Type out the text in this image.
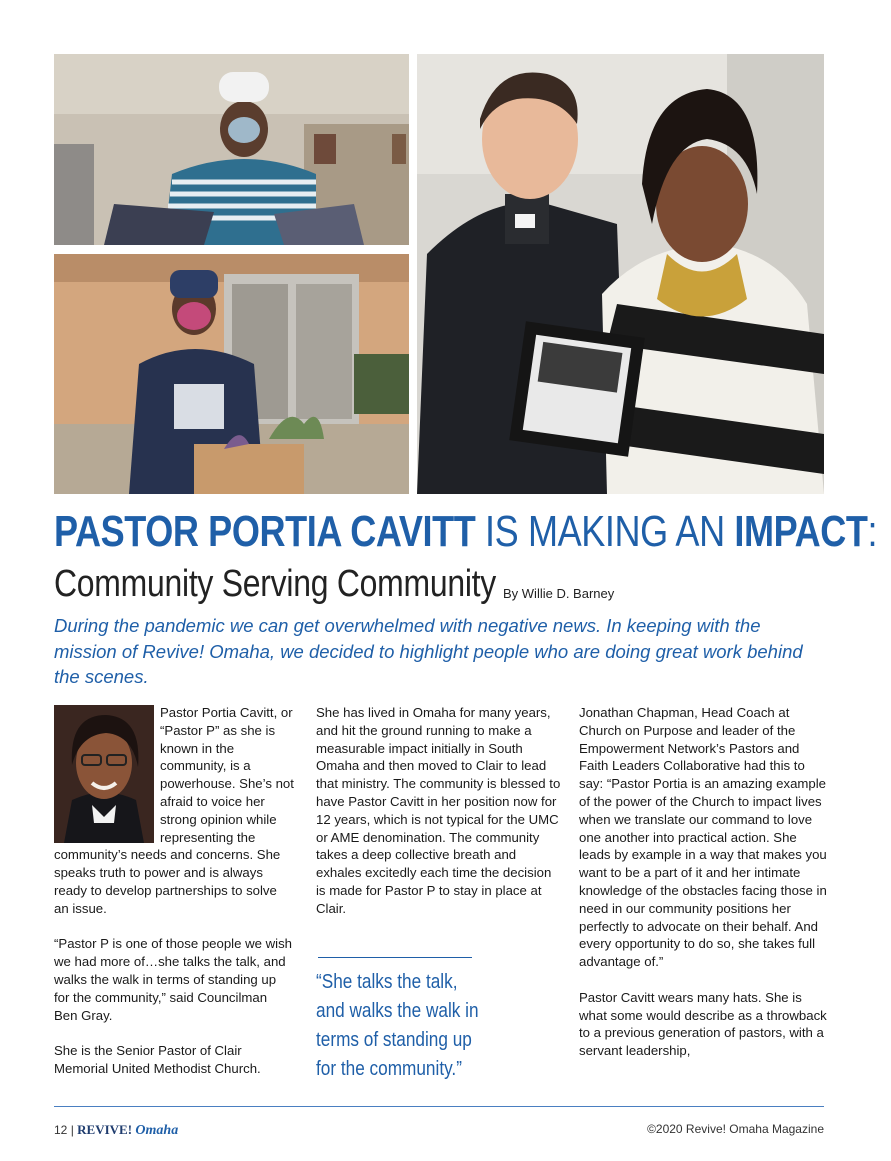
PASTOR PORTIA CAVITT IS MAKING AN IMPACT:
Community Serving Community By Willie D. Barney
During the pandemic we can get overwhelmed with negative news. In keeping with the mission of Revive! Omaha, we decided to highlight people who are doing great work behind the scenes.

Pastor Portia Cavitt, or “Pastor P” as she is known in the community, is a powerhouse. She’s not afraid to voice her strong opinion while representing the community’s needs and concerns. She speaks truth to power and is always ready to develop partnerships to solve an issue.

“Pastor P is one of those people we wish we had more of…she talks the talk, and walks the walk in terms of standing up for the community,” said Councilman Ben Gray.

She is the Senior Pastor of Clair Memorial United Methodist Church.

She has lived in Omaha for many years, and hit the ground running to make a measurable impact initially in South Omaha and then moved to Clair to lead that ministry. The community is blessed to have Pastor Cavitt in her position now for 12 years, which is not typical for the UMC or AME denomination. The community takes a deep collective breath and exhales excitedly each time the decision is made for Pastor P to stay in place at Clair.

“She talks the talk, and walks the walk in terms of standing up for the community.”

Jonathan Chapman, Head Coach at Church on Purpose and leader of the Empowerment Network’s Pastors and Faith Leaders Collaborative had this to say: “Pastor Portia is an amazing example of the power of the Church to impact lives when we translate our command to love one another into practical action. She leads by example in a way that makes you want to be a part of it and her intimate knowledge of the obstacles facing those in need in our community positions her perfectly to advocate on their behalf. And every opportunity to do so, she takes full advantage of.”

Pastor Cavitt wears many hats. She is what some would describe as a throwback to a previous generation of pastors, with a servant leadership,

12 | REVIVE! Omaha	©2020 Revive! Omaha Magazine
